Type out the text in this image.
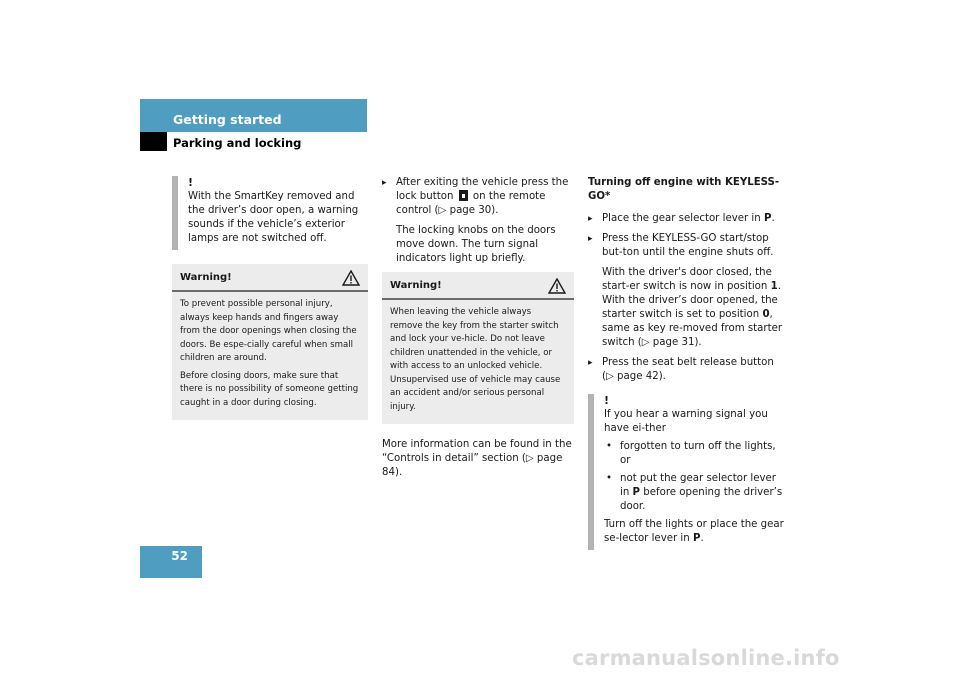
Getting started
Parking and locking
!
With the SmartKey removed and the driver’s door open, a warning sounds if the vehicle’s exterior lamps are not switched off.
Warning!

To prevent possible personal injury, always keep hands and fingers away from the door openings when closing the doors. Be espe-cially careful when small children are around.

Before closing doors, make sure that there is no possibility of someone getting caught in a door during closing.

▸ After exiting the vehicle press the lock button on the remote control (▷ page 30).
The locking knobs on the doors move down. The turn signal indicators light up briefly.
Warning!

When leaving the vehicle always remove the key from the starter switch and lock your ve-hicle. Do not leave children unattended in the vehicle, or with access to an unlocked vehicle. Unsupervised use of vehicle may cause an accident and/or serious personal injury.

More information can be found in the “Controls in detail” section (▷ page 84).
Turning off engine with KEYLESS-GO*
▸ Place the gear selector lever in P.
▸ Press the KEYLESS-GO start/stop but-ton until the engine shuts off.
With the driver's door closed, the start-er switch is now in position 1. With the driver’s door opened, the starter switch is set to position 0, same as key re-moved from starter switch (▷ page 31).
▸ Press the seat belt release button (▷ page 42).
!
If you hear a warning signal you have ei-ther
• forgotten to turn off the lights, or
• not put the gear selector lever in P before opening the driver’s door.
Turn off the lights or place the gear se-lector lever in P.
52
carmanualsonline.info
